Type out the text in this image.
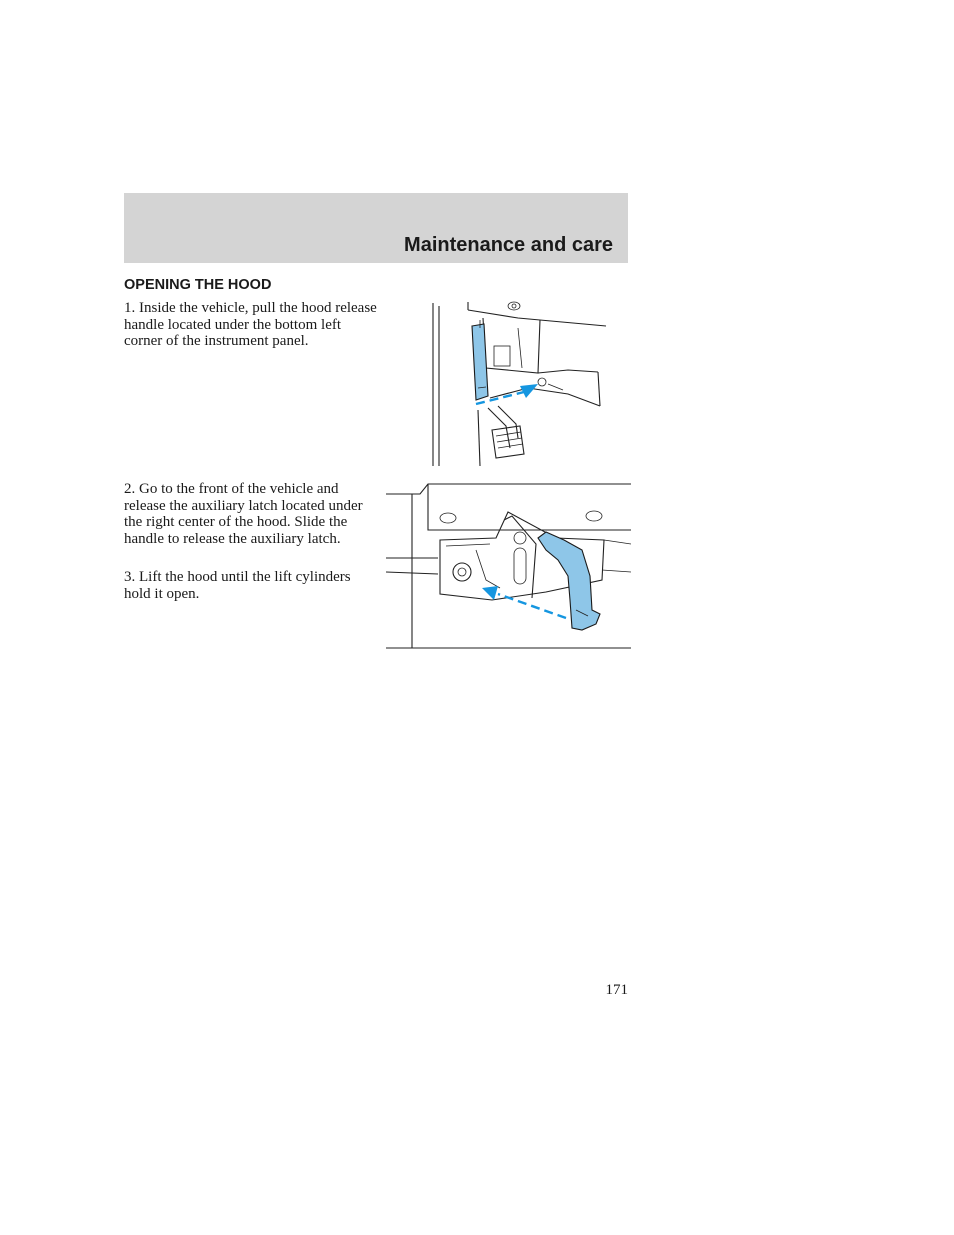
Maintenance and care
OPENING THE HOOD

1. Inside the vehicle, pull the hood release handle located under the bottom left corner of the instrument panel.

2. Go to the front of the vehicle and release the auxiliary latch located under the right center of the hood. Slide the handle to release the auxiliary latch.

3. Lift the hood until the lift cylinders hold it open.

171
